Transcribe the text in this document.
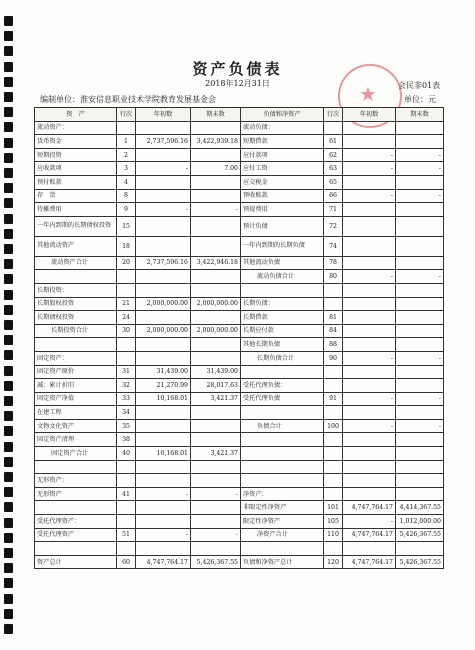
资产负债表
2018年12月31日	会民非01表
单位：元
编制单位：淮安信息职业技术学院教育发展基金会
★
资　产	行次	年初数	期末数	负债和净资产	行次	年初数	期末数
流动资产：				流动负债：			
货币资金	1	2,737,596.16	3,422,939.18	短期借款	61		
短期投资	2			应付款项	62	-	-
应收款项	3	-	7.00	应付工资	63	-	-
预付账款	4			应交税金	65		
存　货	8			预收账款	66	-	-
待摊费用	9	-	-	预提费用	71		
一年内到期的长期债权投资	15			预计负债	72		
其他流动资产	18			一年内到期的长期负债	74		
流动资产合计	20	2,737,596.16	3,422,946.18	其他流动负债	78		
				流动负债合计	80	-	-
长期投资：							
长期股权投资	21	2,000,000.00	2,000,000.00	长期负债：			
长期债权投资	24			长期借款	81		
长期投资合计	30	2,000,000.00	2,000,000.00	长期应付款	84		
				其他长期负债	88		
固定资产：				长期负债合计	90	-	-
固定资产原价	31	31,439.00	31,439.00				
减：累计折旧	32	21,270.99	28,017.63	受托代理负债：			
固定资产净值	33	10,168.01	3,421.37	受托代理负债	91	-	-
在建工程	34						
文物文化资产	35			负债合计	100	-	-
固定资产清理	38						
固定资产合计	40	10,168.01	3,421.37				

无形资产：							
无形资产	41	-	-	净资产：			
				非限定性净资产	101	4,747,764.17	4,414,367.55
受托代理资产：				限定性净资产	105	-	1,012,000.00
受托代理资产	51	-	-	净资产合计	110	4,747,764.17	5,426,367.55

资产总计	60	4,747,764.17	5,426,367.55	负债和净资产总计	120	4,747,764.17	5,426,367.55
